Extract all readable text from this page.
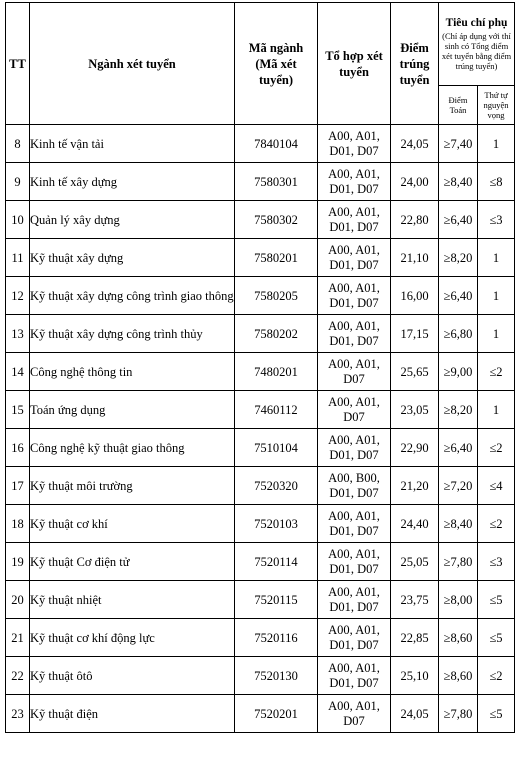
TT	Ngành xét tuyển	Mã ngành (Mã xét tuyển)	Tổ hợp xét tuyển	Điểm trúng tuyển	Tiêu chí phụ
(Chỉ áp dụng với thí sinh có Tổng điểm xét tuyển bằng điểm trúng tuyển)	

					Điểm Toán	Thứ tự nguyện vọng
8	Kinh tế vận tải	7840104	A00, A01,
D01, D07	24,05	≥7,40	1
9	Kinh tế xây dựng	7580301	A00, A01,
D01, D07	24,00	≥8,40	≤8
10	Quản lý xây dựng	7580302	A00, A01,
D01, D07	22,80	≥6,40	≤3
11	Kỹ thuật xây dựng	7580201	A00, A01,
D01, D07	21,10	≥8,20	1
12	Kỹ thuật xây dựng công trình giao thông	7580205	A00, A01,
D01, D07	16,00	≥6,40	1
13	Kỹ thuật xây dựng công trình thủy	7580202	A00, A01,
D01, D07	17,15	≥6,80	1
14	Công nghệ thông tin	7480201	A00, A01,
D07	25,65	≥9,00	≤2
15	Toán ứng dụng	7460112	A00, A01,
D07	23,05	≥8,20	1
16	Công nghệ kỹ thuật giao thông	7510104	A00, A01,
D01, D07	22,90	≥6,40	≤2
17	Kỹ thuật môi trường	7520320	A00, B00,
D01, D07	21,20	≥7,20	≤4
18	Kỹ thuật cơ khí	7520103	A00, A01,
D01, D07	24,40	≥8,40	≤2
19	Kỹ thuật Cơ điện tử	7520114	A00, A01,
D01, D07	25,05	≥7,80	≤3
20	Kỹ thuật nhiệt	7520115	A00, A01,
D01, D07	23,75	≥8,00	≤5
21	Kỹ thuật cơ khí động lực	7520116	A00, A01,
D01, D07	22,85	≥8,60	≤5
22	Kỹ thuật ôtô	7520130	A00, A01,
D01, D07	25,10	≥8,60	≤2
23	Kỹ thuật điện	7520201	A00, A01,
D07	24,05	≥7,80	≤5
